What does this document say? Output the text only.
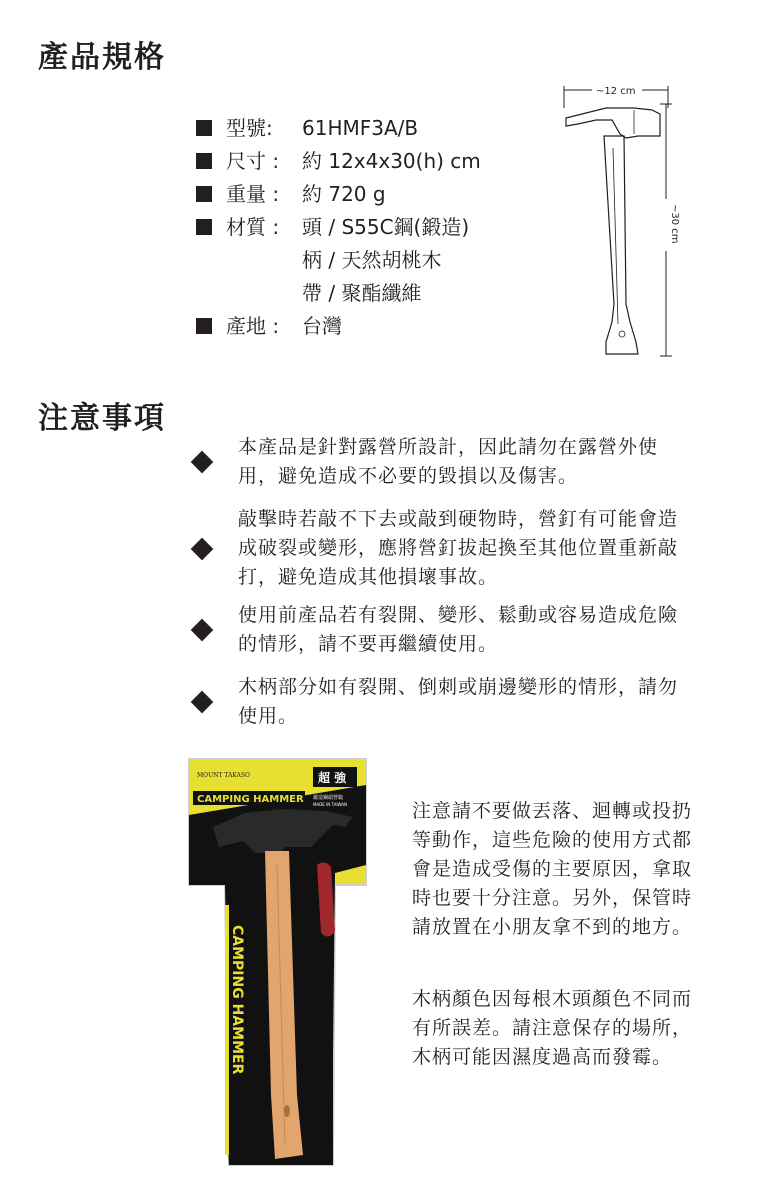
產品規格
型號:	61HMF3A/B
尺寸 :	約 12x4x30(h) cm
重量 :	約 720 g
材質 :	頭 / S55C鋼(鍛造)
柄 / 天然胡桃木
帶 / 聚酯纖維
產地 :	台灣
~12 cm
~30 cm
注意事項
本產品是針對露營所設計，因此請勿在露營外使用，避免造成不必要的毀損以及傷害。
敲擊時若敲不下去或敲到硬物時，營釘有可能會造成破裂或變形，應將營釘拔起換至其他位置重新敲打，避免造成其他損壞事故。
使用前產品若有裂開、變形、鬆動或容易造成危險的情形，請不要再繼續使用。
木柄部分如有裂開、倒刺或崩邊變形的情形，請勿使用。
CAMPING HAMMER
MOUNT TAKASO	超 強
鍛造鋼頭營鎚
MADE IN TAIWAN
CAMPING HAMMER
注意請不要做丟落、迴轉或投扔等動作，這些危險的使用方式都會是造成受傷的主要原因，拿取時也要十分注意。另外，保管時請放置在小朋友拿不到的地方。
木柄顏色因每根木頭顏色不同而有所誤差。請注意保存的場所，木柄可能因濕度過高而發霉。
